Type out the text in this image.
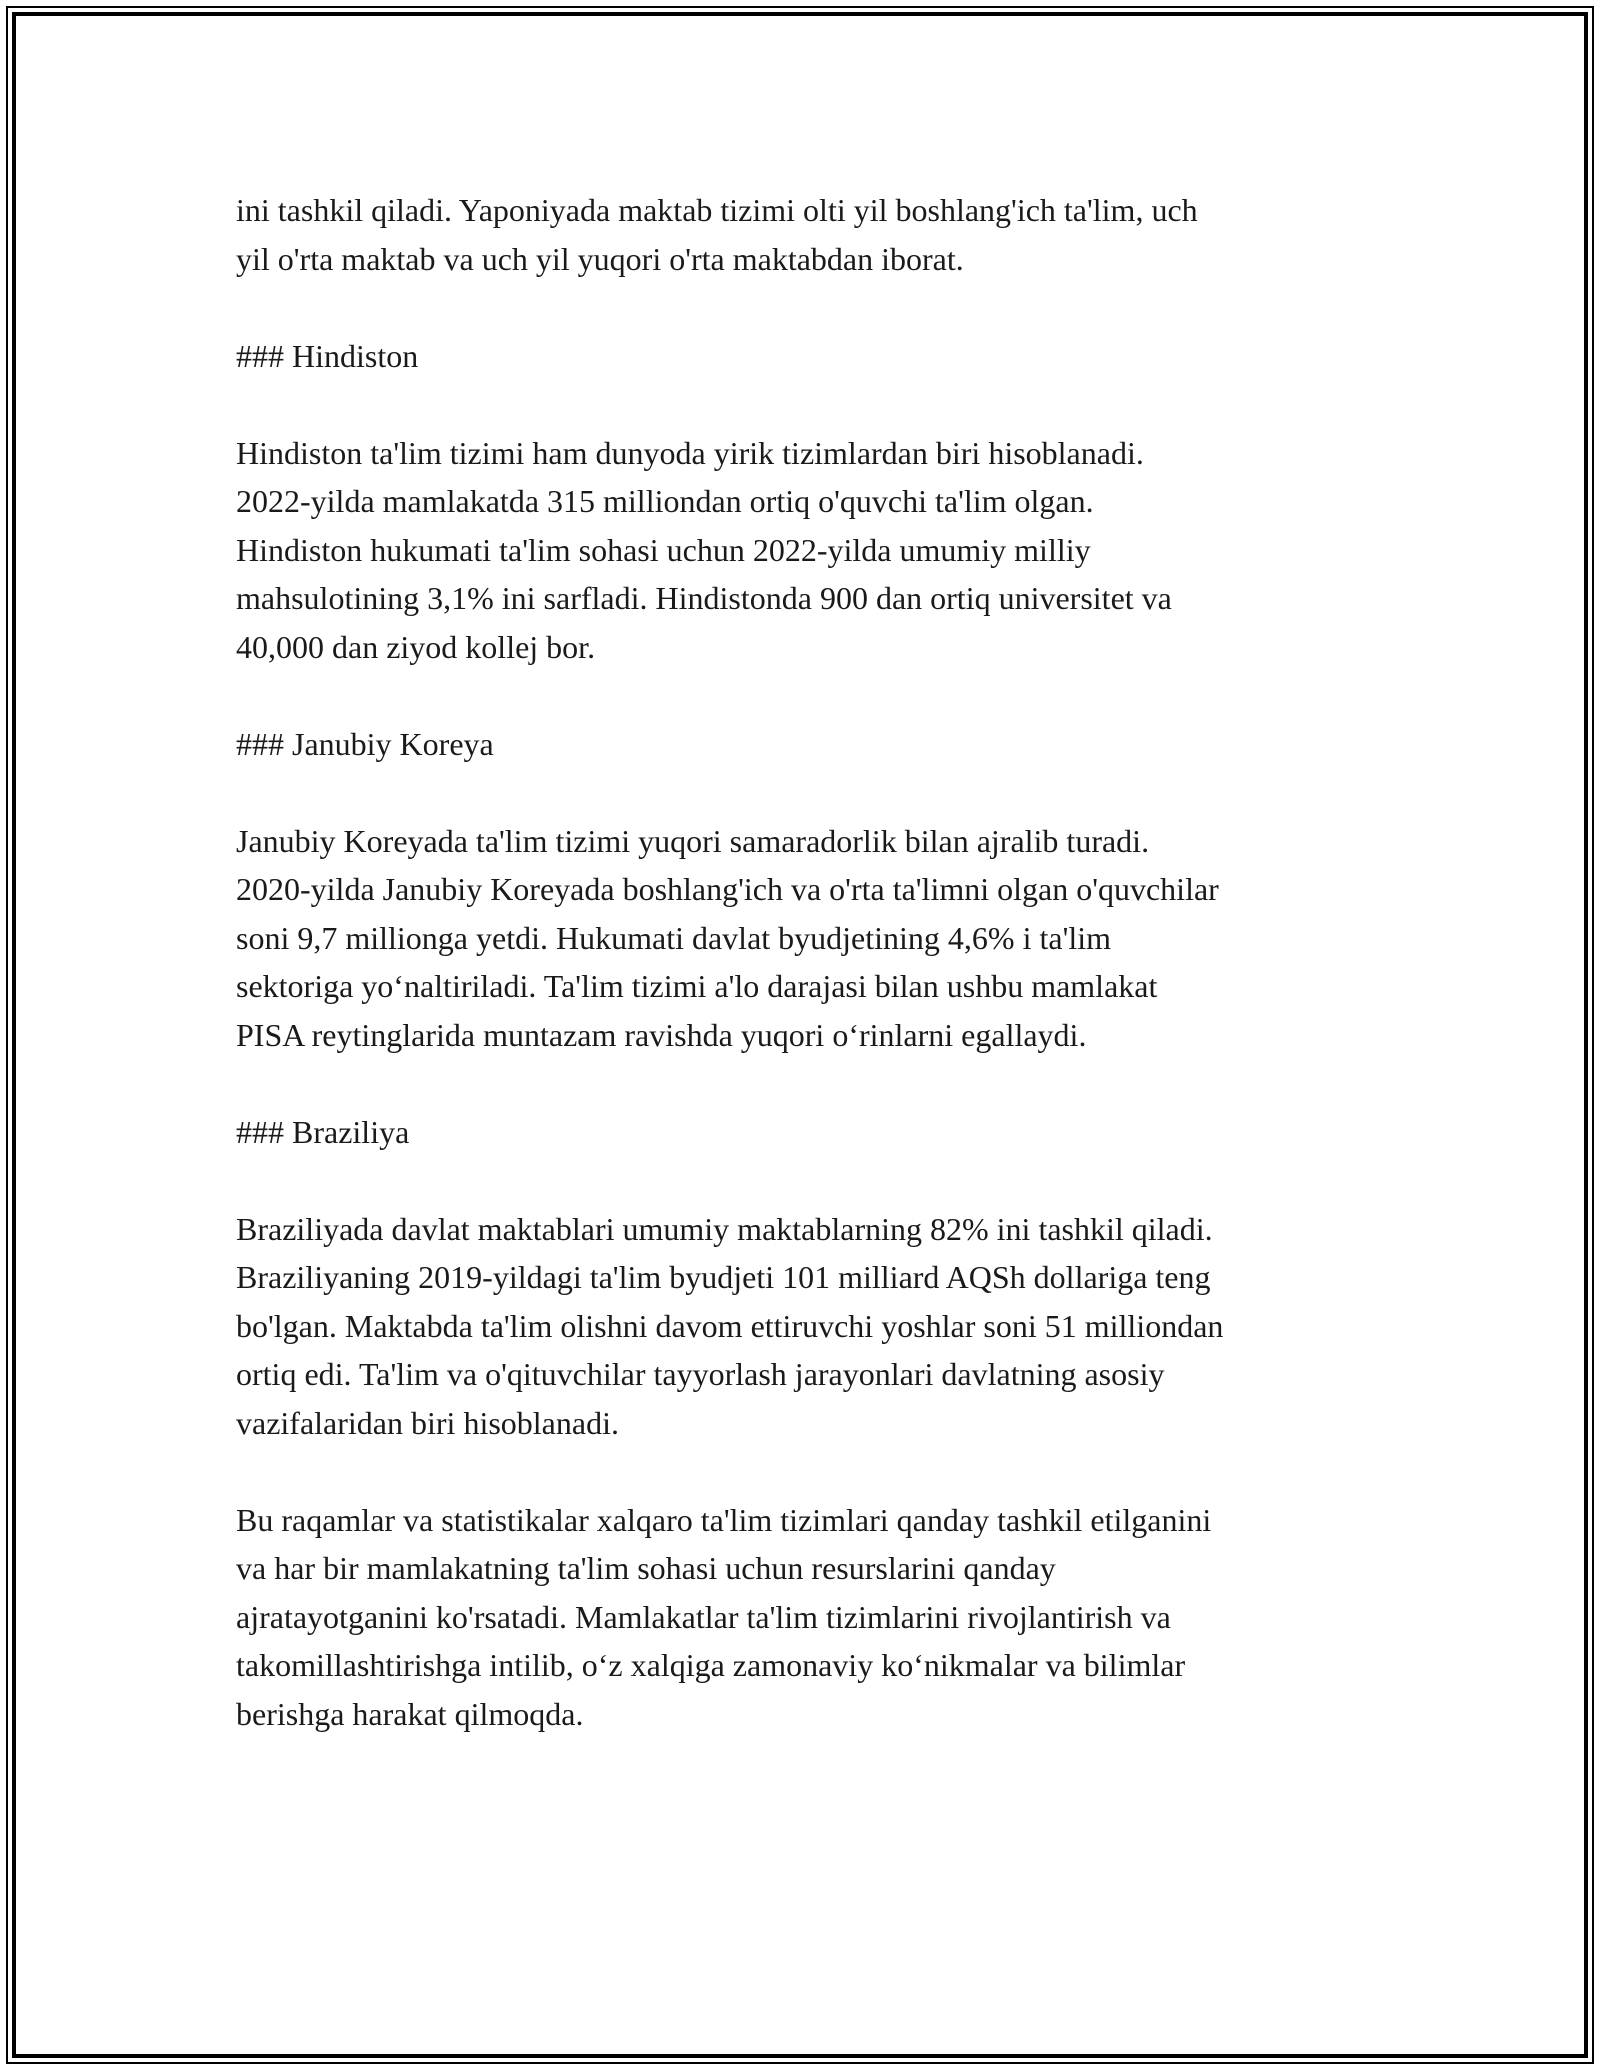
ini tashkil qiladi. Yaponiyada maktab tizimi olti yil boshlang'ich ta'lim, uch
yil o'rta maktab va uch yil yuqori o'rta maktabdan iborat.

### Hindiston

Hindiston ta'lim tizimi ham dunyoda yirik tizimlardan biri hisoblanadi.
2022-yilda mamlakatda 315 milliondan ortiq o'quvchi ta'lim olgan.
Hindiston hukumati ta'lim sohasi uchun 2022-yilda umumiy milliy
mahsulotining 3,1% ini sarfladi. Hindistonda 900 dan ortiq universitet va
40,000 dan ziyod kollej bor.

### Janubiy Koreya

Janubiy Koreyada ta'lim tizimi yuqori samaradorlik bilan ajralib turadi.
2020-yilda Janubiy Koreyada boshlang'ich va o'rta ta'limni olgan o'quvchilar
soni 9,7 millionga yetdi. Hukumati davlat byudjetining 4,6% i ta'lim
sektoriga yo‘naltiriladi. Ta'lim tizimi a'lo darajasi bilan ushbu mamlakat
PISA reytinglarida muntazam ravishda yuqori o‘rinlarni egallaydi.

### Braziliya

Braziliyada davlat maktablari umumiy maktablarning 82% ini tashkil qiladi.
Braziliyaning 2019-yildagi ta'lim byudjeti 101 milliard AQSh dollariga teng
bo'lgan. Maktabda ta'lim olishni davom ettiruvchi yoshlar soni 51 milliondan
ortiq edi. Ta'lim va o'qituvchilar tayyorlash jarayonlari davlatning asosiy
vazifalaridan biri hisoblanadi.

Bu raqamlar va statistikalar xalqaro ta'lim tizimlari qanday tashkil etilganini
va har bir mamlakatning ta'lim sohasi uchun resurslarini qanday
ajratayotganini ko'rsatadi. Mamlakatlar ta'lim tizimlarini rivojlantirish va
takomillashtirishga intilib, o‘z xalqiga zamonaviy ko‘nikmalar va bilimlar
berishga harakat qilmoqda.
